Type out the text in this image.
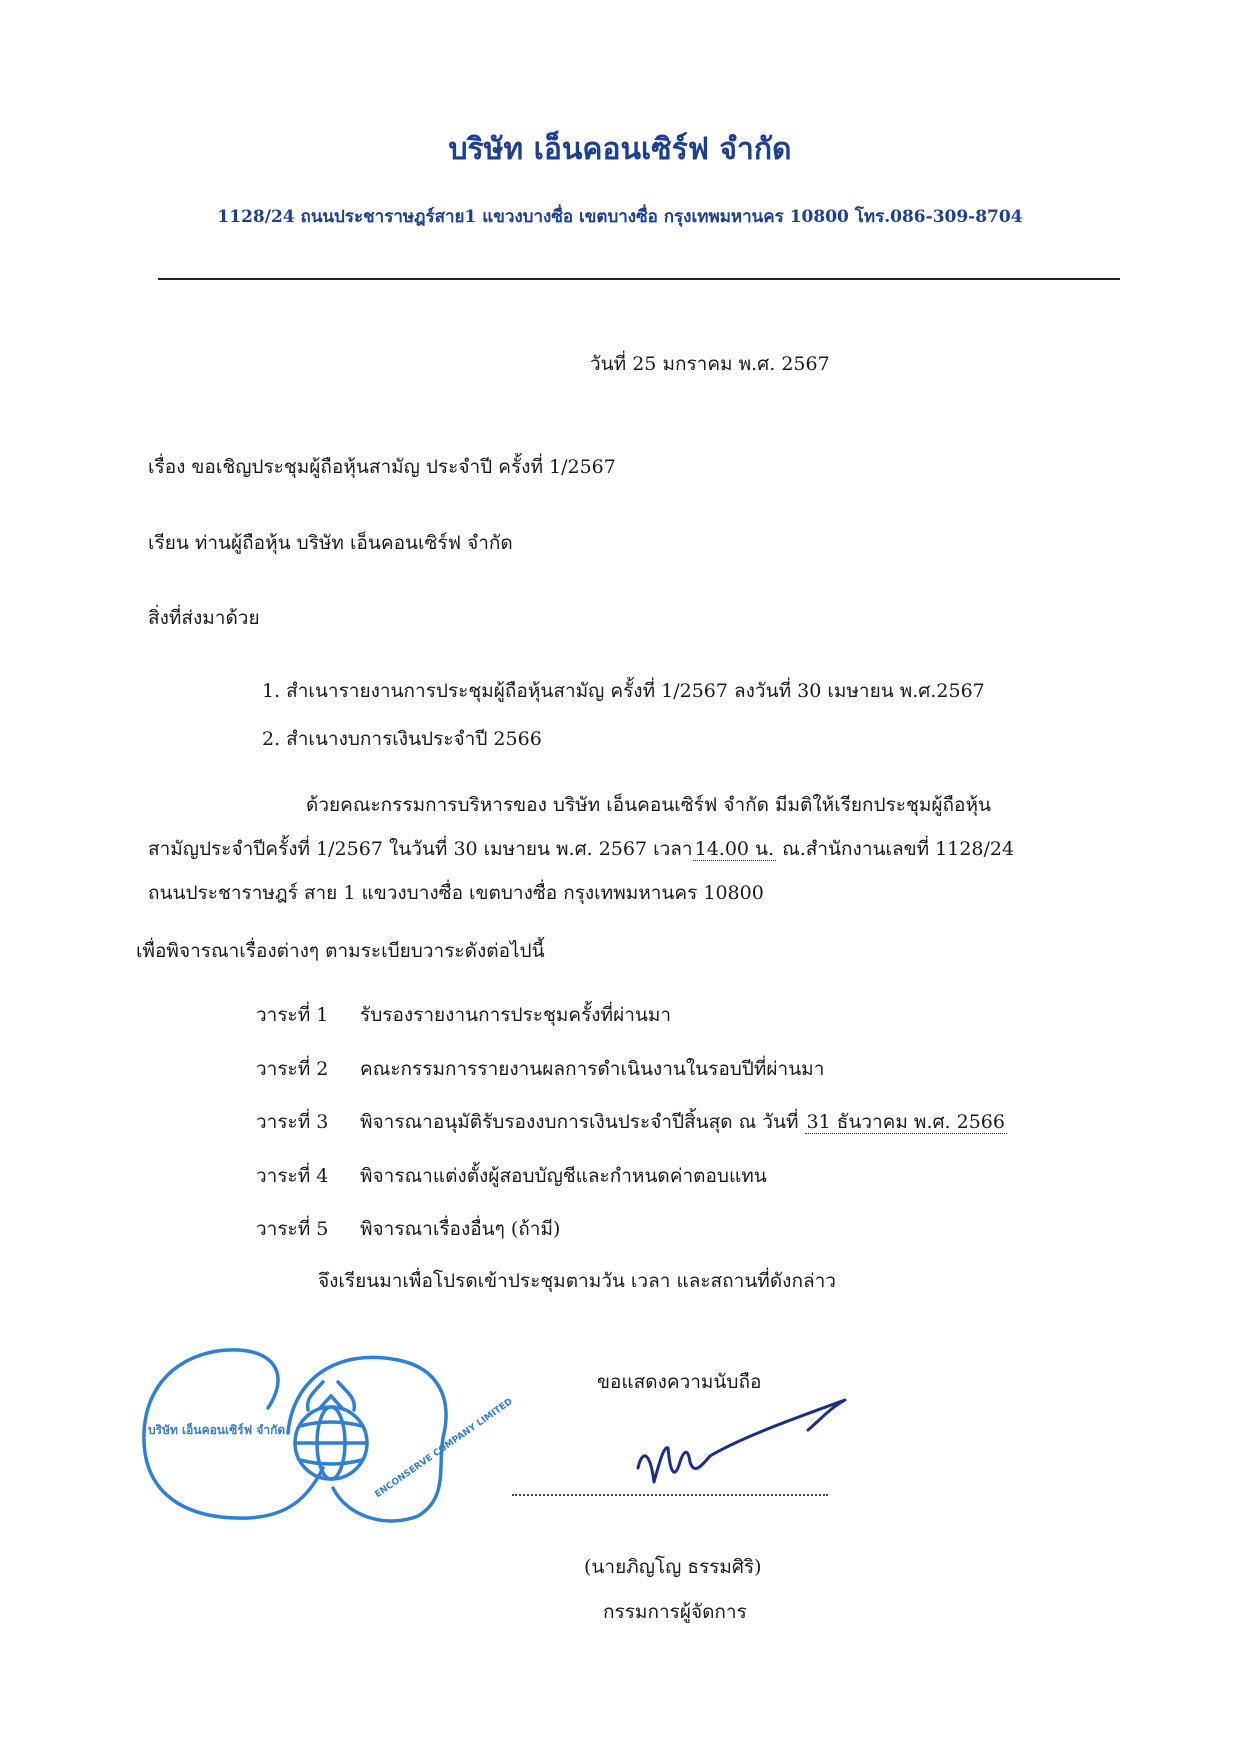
บริษัท เอ็นคอนเซิร์ฟ จำกัด
1128/24 ถนนประชาราษฎร์สาย1 แขวงบางซื่อ เขตบางซื่อ กรุงเทพมหานคร 10800 โทร.086-309-8704
วันที่ 25 มกราคม พ.ศ. 2567
เรื่อง ขอเชิญประชุมผู้ถือหุ้นสามัญ ประจำปี ครั้งที่ 1/2567
เรียน ท่านผู้ถือหุ้น บริษัท เอ็นคอนเซิร์ฟ จำกัด
สิ่งที่ส่งมาด้วย
1. สำเนารายงานการประชุมผู้ถือหุ้นสามัญ ครั้งที่ 1/2567 ลงวันที่ 30 เมษายน พ.ศ.2567
2. สำเนางบการเงินประจำปี 2566
ด้วยคณะกรรมการบริหารของ บริษัท เอ็นคอนเซิร์ฟ จำกัด มีมติให้เรียกประชุมผู้ถือหุ้น
สามัญประจำปีครั้งที่ 1/2567 ในวันที่ 30 เมษายน พ.ศ. 2567 เวลา 14.00 น. ณ.สำนักงานเลขที่ 1128/24
ถนนประชาราษฎร์ สาย 1 แขวงบางซื่อ เขตบางซื่อ กรุงเทพมหานคร 10800
เพื่อพิจารณาเรื่องต่างๆ ตามระเบียบวาระดังต่อไปนี้
วาระที่ 1 รับรองรายงานการประชุมครั้งที่ผ่านมา
วาระที่ 2 คณะกรรมการรายงานผลการดำเนินงานในรอบปีที่ผ่านมา
วาระที่ 3 พิจารณาอนุมัติรับรองงบการเงินประจำปีสิ้นสุด ณ วันที่ 31 ธันวาคม พ.ศ. 2566
วาระที่ 4 พิจารณาแต่งตั้งผู้สอบบัญชีและกำหนดค่าตอบแทน
วาระที่ 5 พิจารณาเรื่องอื่นๆ (ถ้ามี)
จึงเรียนมาเพื่อโปรดเข้าประชุมตามวัน เวลา และสถานที่ดังกล่าว
บริษัท เอ็นคอนเซิร์ฟ จำกัด	ENCONSERVE COMPANY LIMITED
ขอแสดงความนับถือ
(นายภิญโญ ธรรมศิริ)
กรรมการผู้จัดการ
